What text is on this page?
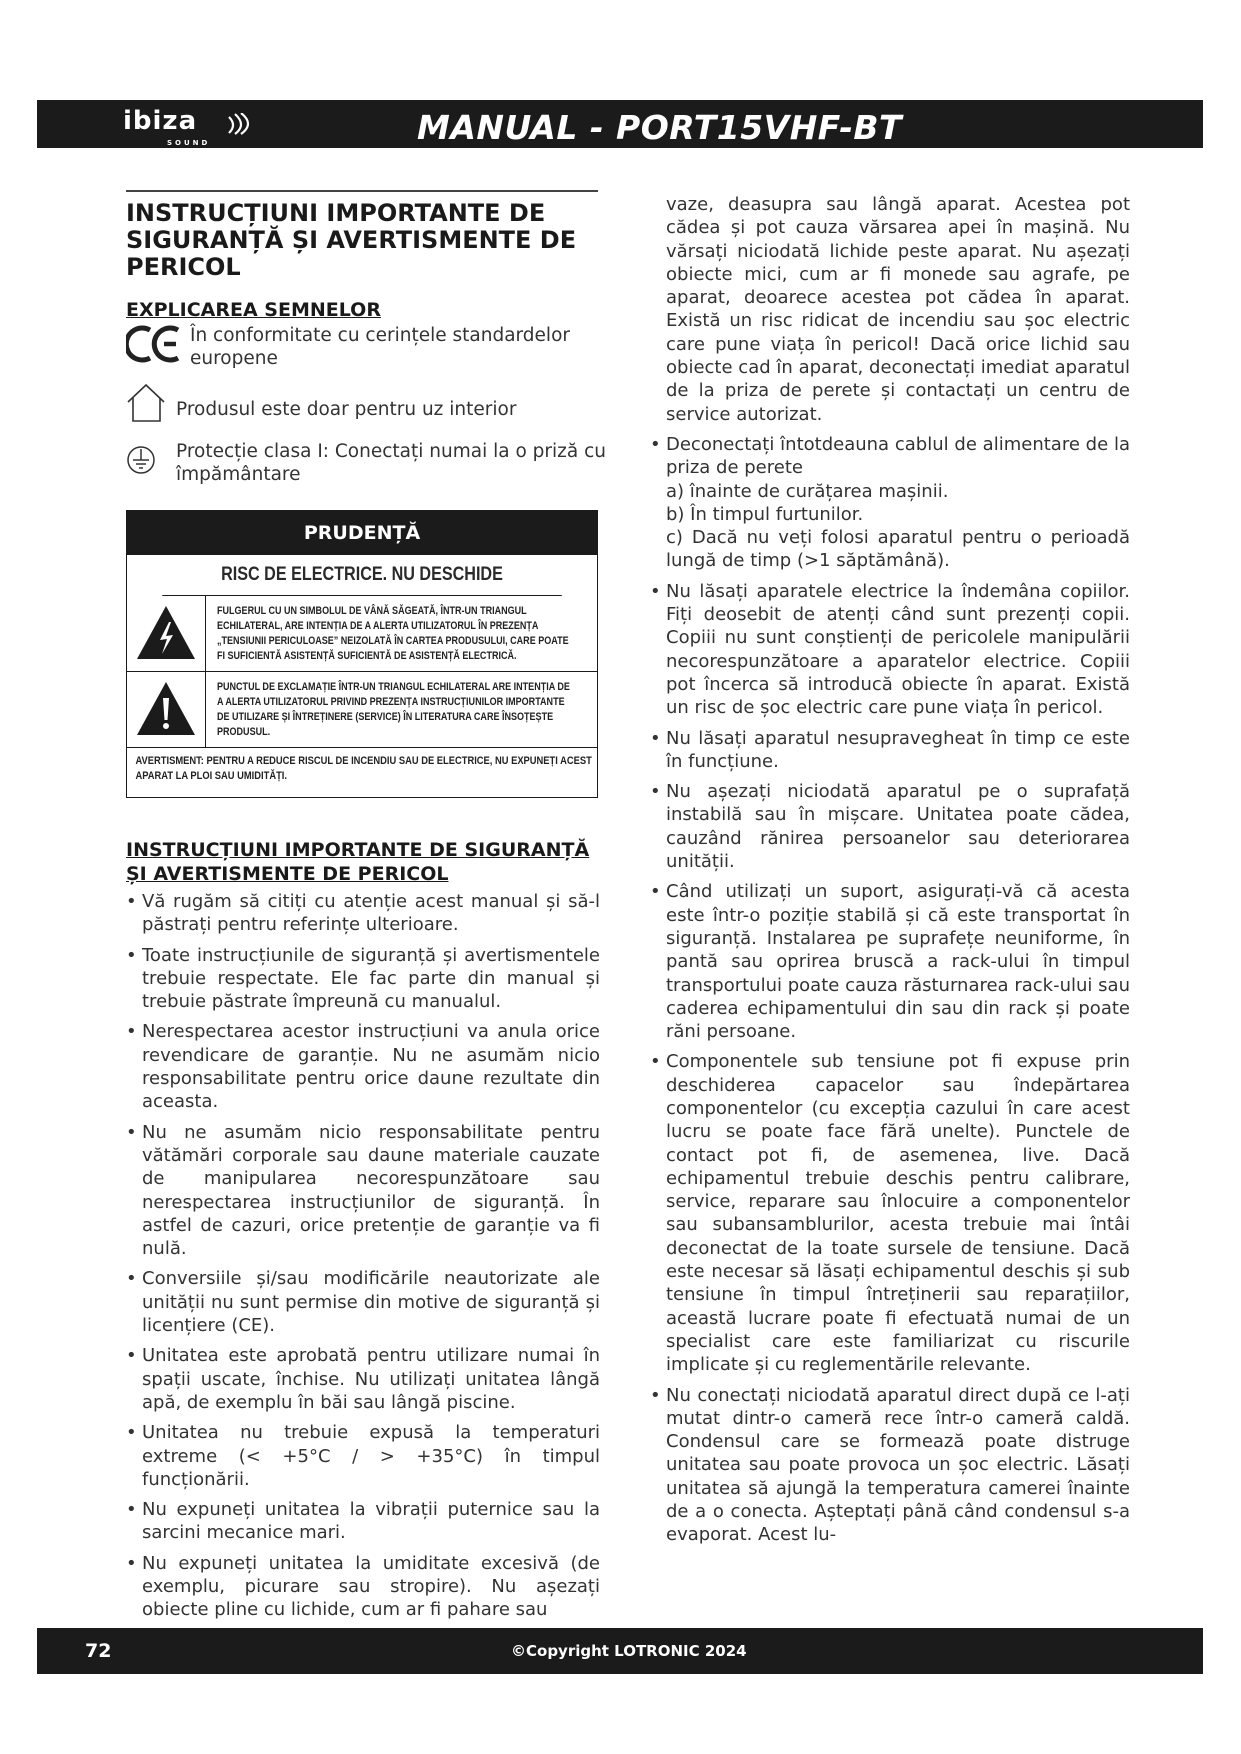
ibiza
SOUND	MANUAL - PORT15VHF-BT
INSTRUCȚIUNI IMPORTANTE DE SIGURANȚĂ ȘI AVERTISMENTE DE PERICOL
EXPLICAREA SEMNELOR
În conformitate cu cerințele standardelor europene
Produsul este doar pentru uz interior
Protecție clasa I: Conectați numai la o priză cu împământare
PRUDENȚĂ
RISC DE ELECTRICE. NU DESCHIDE
FULGERUL CU UN SIMBOLUL DE VÂNĂ SĂGEATĂ, ÎNTR-UN TRIANGUL ECHILATERAL, ARE INTENȚIA DE A ALERTA UTILIZATORUL ÎN PREZENȚA „TENSIUNII PERICULOASE” NEIZOLATĂ ÎN CARTEA PRODUSULUI, CARE POATE FI SUFICIENTĂ ASISTENȚĂ SUFICIENTĂ DE ASISTENȚĂ ELECTRICĂ.
PUNCTUL DE EXCLAMAȚIE ÎNTR-UN TRIANGUL ECHILATERAL ARE INTENȚIA DE A ALERTA UTILIZATORUL PRIVIND PREZENȚA INSTRUCȚIUNILOR IMPORTANTE DE UTILIZARE ȘI ÎNTREȚINERE (SERVICE) ÎN LITERATURA CARE ÎNSOȚEȘTE PRODUSUL.
AVERTISMENT: PENTRU A REDUCE RISCUL DE INCENDIU SAU DE ELECTRICE, NU EXPUNEȚI ACEST APARAT LA PLOI SAU UMIDITĂȚI.
INSTRUCȚIUNI IMPORTANTE DE SIGURANȚĂ ȘI AVERTISMENTE DE PERICOL
• Vă rugăm să citiți cu atenție acest manual și să-l păstrați pentru referințe ulterioare.
• Toate instrucțiunile de siguranță și avertismentele trebuie respectate. Ele fac parte din manual și trebuie păstrate împreună cu manualul.
• Nerespectarea acestor instrucțiuni va anula orice revendicare de garanție. Nu ne asumăm nicio responsabilitate pentru orice daune rezultate din aceasta.
• Nu ne asumăm nicio responsabilitate pentru vătămări corporale sau daune materiale cauzate de manipularea necorespunzătoare sau nerespectarea instrucțiunilor de siguranță. În astfel de cazuri, orice pretenție de garanție va fi nulă.
• Conversiile și/sau modificările neautorizate ale unității nu sunt permise din motive de siguranță și licențiere (CE).
• Unitatea este aprobată pentru utilizare numai în spații uscate, închise. Nu utilizați unitatea lângă apă, de exemplu în băi sau lângă piscine.
• Unitatea nu trebuie expusă la temperaturi extreme (< +5°C / > +35°C) în timpul funcționării.
• Nu expuneți unitatea la vibrații puternice sau la sarcini mecanice mari.
• Nu expuneți unitatea la umiditate excesivă (de exemplu, picurare sau stropire). Nu așezați obiecte pline cu lichide, cum ar fi pahare sau

vaze, deasupra sau lângă aparat. Acestea pot cădea și pot cauza vărsarea apei în mașină. Nu vărsați niciodată lichide peste aparat. Nu așezați obiecte mici, cum ar fi monede sau agrafe, pe aparat, deoarece acestea pot cădea în aparat. Există un risc ridicat de incendiu sau șoc electric care pune viața în pericol! Dacă orice lichid sau obiecte cad în aparat, deconectați imediat aparatul de la priza de perete și contactați un centru de service autorizat.

• Deconectați întotdeauna cablul de alimentare de la priza de perete
a) înainte de curățarea mașinii.
b) În timpul furtunilor.
c) Dacă nu veți folosi aparatul pentru o perioadă lungă de timp (>1 săptămână).
• Nu lăsați aparatele electrice la îndemâna copiilor. Fiți deosebit de atenți când sunt prezenți copii. Copiii nu sunt conștienți de pericolele manipulării necorespunzătoare a aparatelor electrice. Copiii pot încerca să introducă obiecte în aparat. Există un risc de șoc electric care pune viața în pericol.
• Nu lăsați aparatul nesupravegheat în timp ce este în funcțiune.
• Nu așezați niciodată aparatul pe o suprafață instabilă sau în mișcare. Unitatea poate cădea, cauzând rănirea persoanelor sau deteriorarea unității.
• Când utilizați un suport, asigurați-vă că acesta este într-o poziție stabilă și că este transportat în siguranță. Instalarea pe suprafețe neuniforme, în pantă sau oprirea bruscă a rack-ului în timpul transportului poate cauza răsturnarea rack-ului sau caderea echipamentului din sau din rack și poate răni persoane.
• Componentele sub tensiune pot fi expuse prin deschiderea capacelor sau îndepărtarea componentelor (cu excepția cazului în care acest lucru se poate face fără unelte). Punctele de contact pot fi, de asemenea, live. Dacă echipamentul trebuie deschis pentru calibrare, service, reparare sau înlocuire a componentelor sau subansamblurilor, acesta trebuie mai întâi deconectat de la toate sursele de tensiune. Dacă este necesar să lăsați echipamentul deschis și sub tensiune în timpul întreținerii sau reparațiilor, această lucrare poate fi efectuată numai de un specialist care este familiarizat cu riscurile implicate și cu reglementările relevante.
• Nu conectați niciodată aparatul direct după ce l-ați mutat dintr-o cameră rece într-o cameră caldă. Condensul care se formează poate distruge unitatea sau poate provoca un șoc electric. Lăsați unitatea să ajungă la temperatura camerei înainte de a o conecta. Așteptați până când condensul s-a evaporat. Acest lu-
72	©Copyright LOTRONIC 2024
